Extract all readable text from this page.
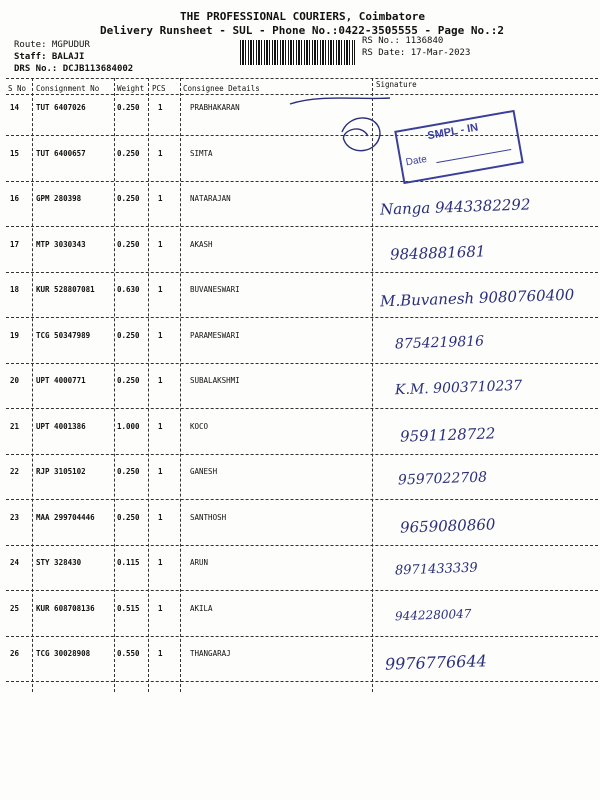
THE PROFESSIONAL COURIERS, Coimbatore
Delivery Runsheet - SUL - Phone No.:0422-3505555 - Page No.:2
Route: MGPUDUR
Staff: BALAJI
DRS No.: DCJB113684002
RS No.: 1136840
RS Date: 17-Mar-2023
S No Consignment No Weight PCS Consignee Details	Signature
14 TUT 6407026	0.250 1	PRABHAKARAN
15 TUT 6400657	0.250 1	SIMTA
16 GPM 280398	0.250 1	NATARAJAN	Nanga 9443382292
17 MTP 3030343	0.250 1	AKASH	9848881681
18 KUR 528807081	0.630 1	BUVANESWARI	M.Buvanesh 9080760400
19 TCG 50347989	0.250 1	PARAMESWARI	8754219816
20 UPT 4000771	0.250 1	SUBALAKSHMI	K.M. 9003710237
21 UPT 4001386	1.000 1	KOCO	9591128722
22 RJP 3105102	0.250 1	GANESH	9597022708
23 MAA 299704446	0.250 1	SANTHOSH	9659080860
24 STY 328430	0.115 1	ARUN	8971433339
25 KUR 608708136	0.515 1	AKILA	9442280047
26 TCG 30028908	0.550 1	THANGARAJ	9976776644
SMPL - IN
Date
